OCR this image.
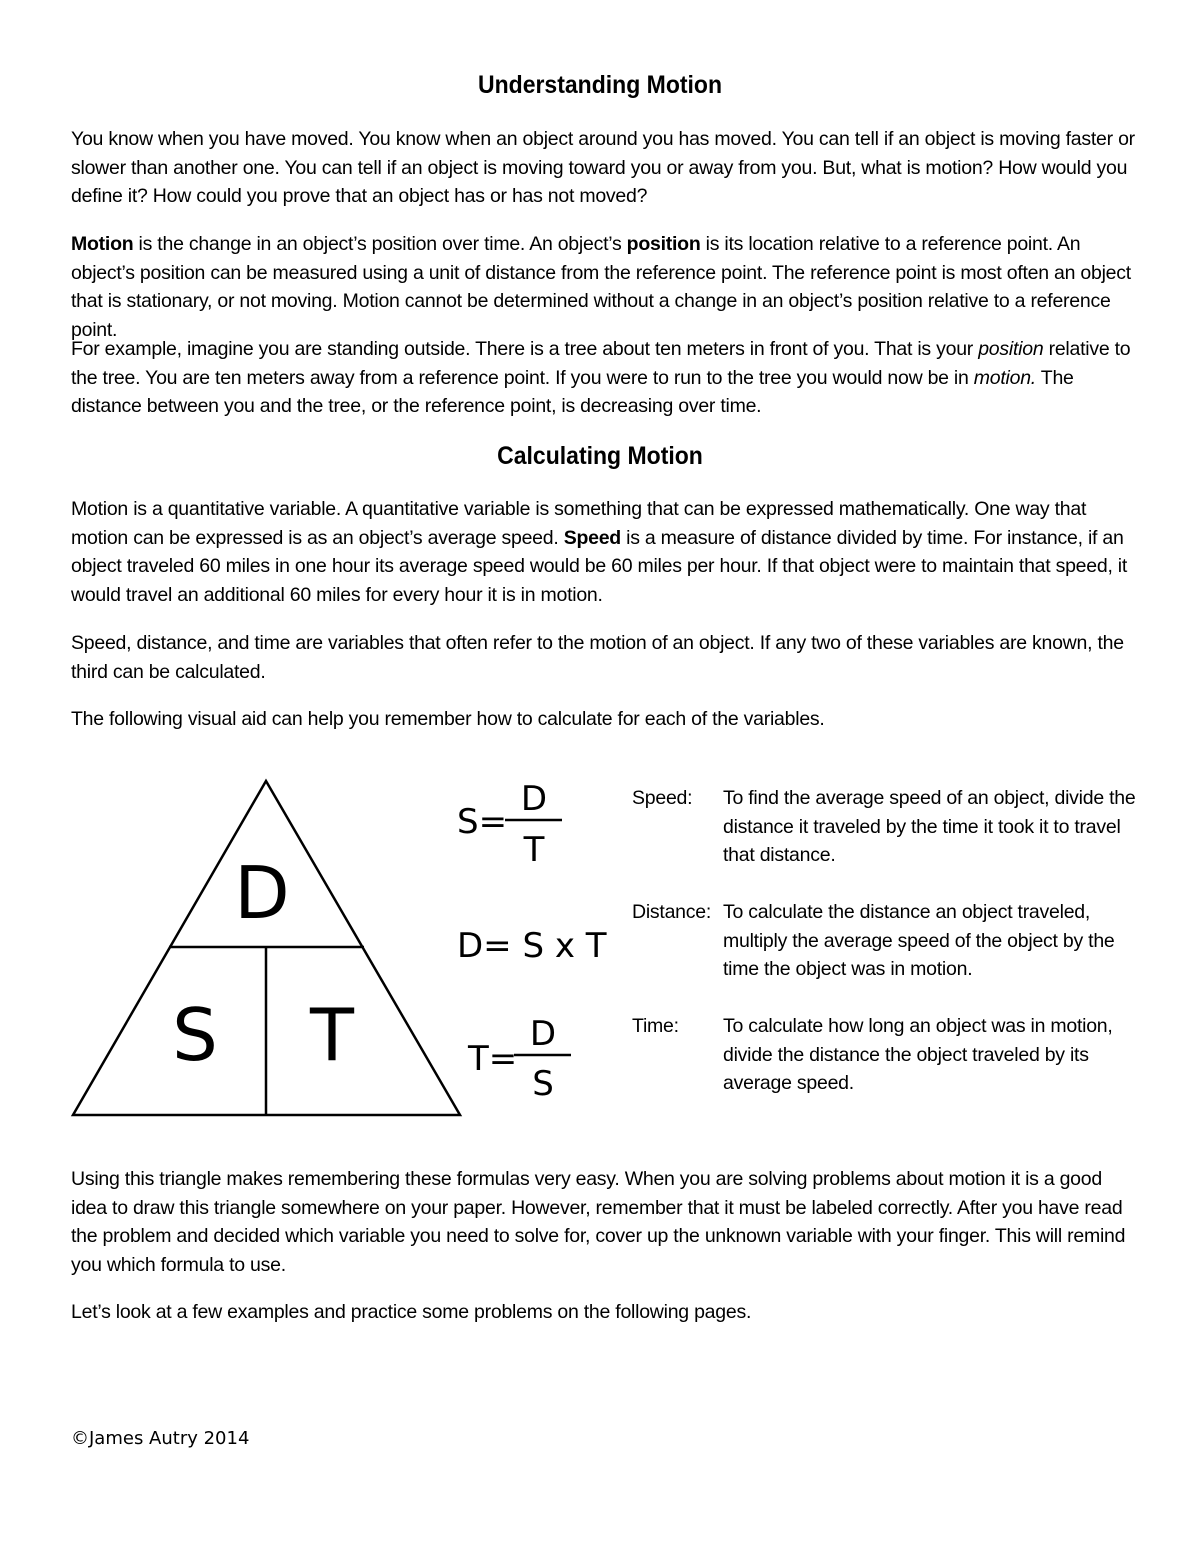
Understanding Motion
You know when you have moved. You know when an object around you has moved. You can tell if an object is moving faster or slower than another one. You can tell if an object is moving toward you or away from you. But, what is motion? How would you define it? How could you prove that an object has or has not moved?
Motion is the change in an object’s position over time. An object’s position is its location relative to a reference point. An object’s position can be measured using a unit of distance from the reference point. The reference point is most often an object that is stationary, or not moving. Motion cannot be determined without a change in an object’s position relative to a reference point.
For example, imagine you are standing outside. There is a tree about ten meters in front of you. That is your position relative to the tree. You are ten meters away from a reference point. If you were to run to the tree you would now be in motion. The distance between you and the tree, or the reference point, is decreasing over time.
Calculating Motion
Motion is a quantitative variable. A quantitative variable is something that can be expressed mathematically. One way that motion can be expressed is as an object’s average speed. Speed is a measure of distance divided by time. For instance, if an object traveled 60 miles in one hour its average speed would be 60 miles per hour. If that object were to maintain that speed, it would travel an additional 60 miles for every hour it is in motion.
Speed, distance, and time are variables that often refer to the motion of an object. If any two of these variables are known, the third can be calculated.
The following visual aid can help you remember how to calculate for each of the variables.
D
S T
S=
D
T
D= S x T
T=
D
S
Speed:	To find the average speed of an object, divide the distance it traveled by the time it took it to travel that distance.
Distance: To calculate the distance an object traveled, multiply the average speed of the object by the time the object was in motion.
Time:	To calculate how long an object was in motion, divide the distance the object traveled by its average speed.
Using this triangle makes remembering these formulas very easy. When you are solving problems about motion it is a good idea to draw this triangle somewhere on your paper. However, remember that it must be labeled correctly. After you have read the problem and decided which variable you need to solve for, cover up the unknown variable with your finger. This will remind you which formula to use.
Let’s look at a few examples and practice some problems on the following pages.
©James Autry 2014
